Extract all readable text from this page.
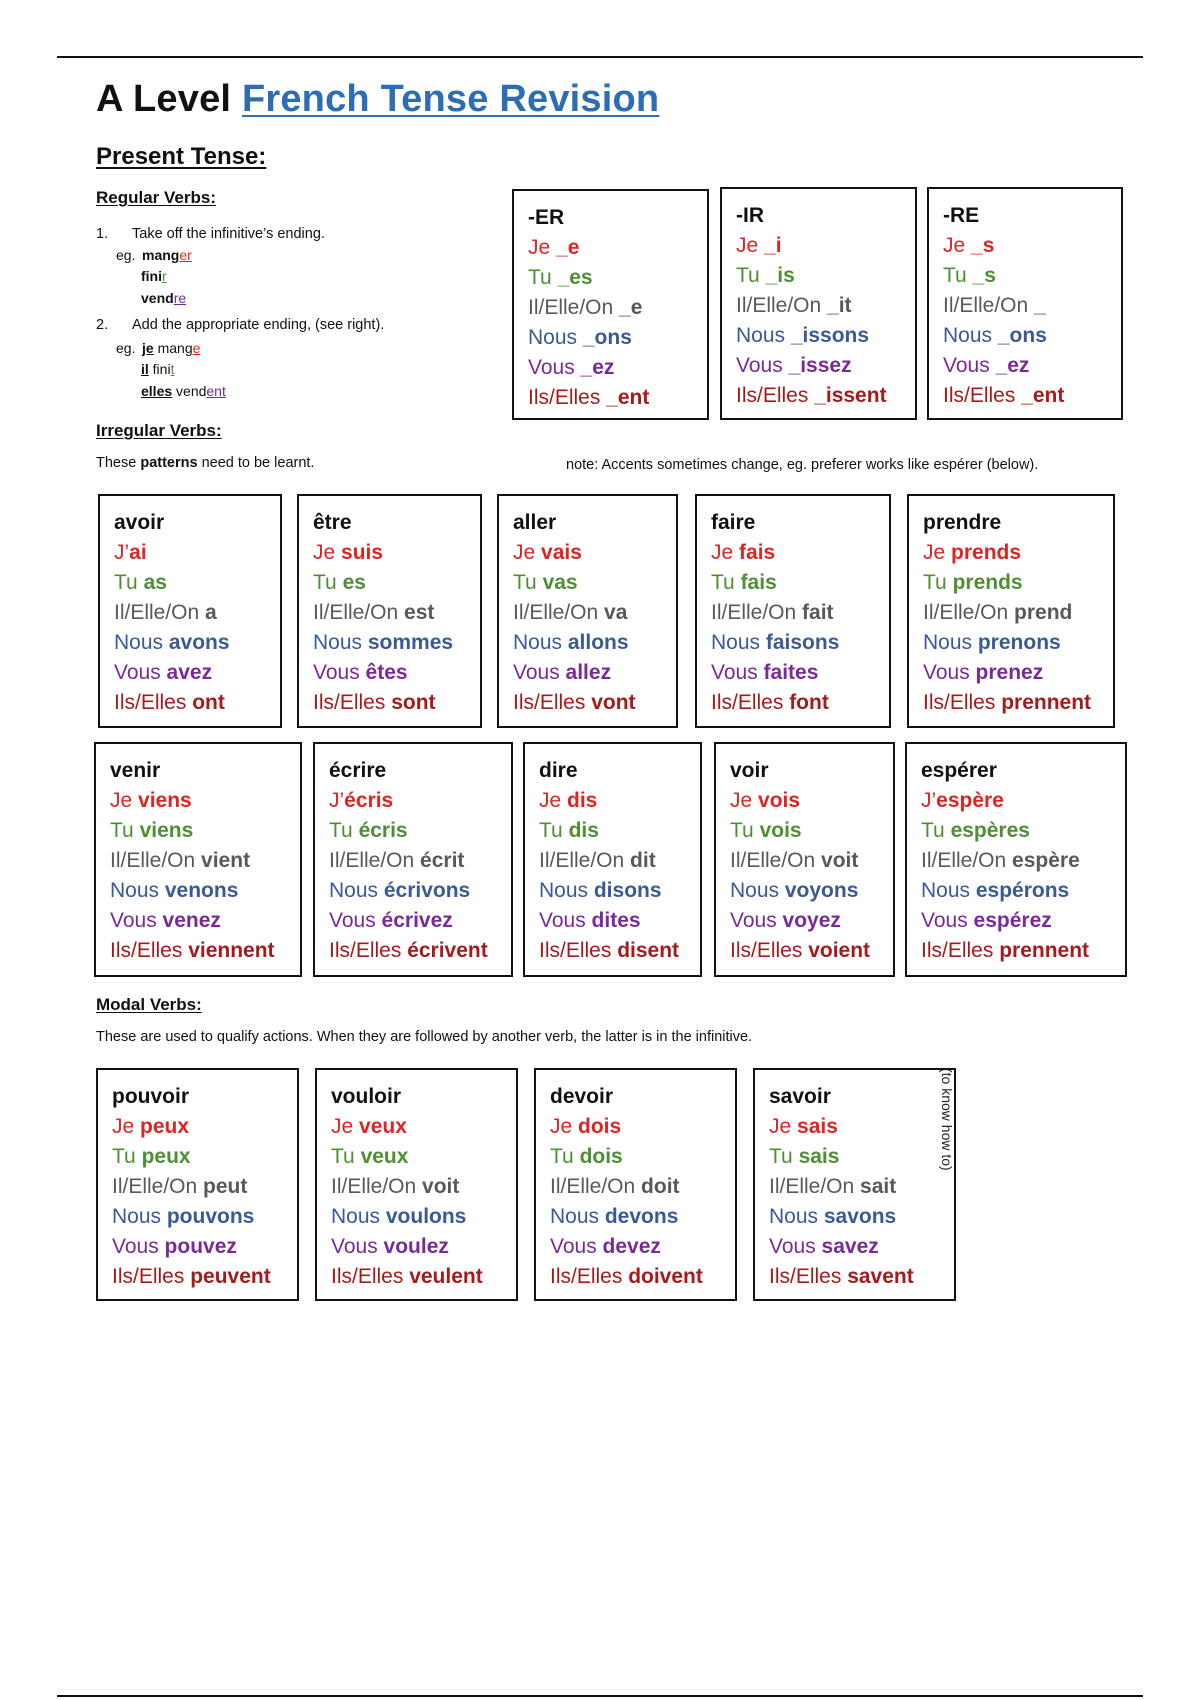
A Level French Tense Revision
Present Tense:
Regular Verbs:
1. Take off the infinitive’s ending.
eg. manger
finir
vendre
2. Add the appropriate ending, (see right).
eg. je mange
il finit
elles vendent
-ER
Je _e
Tu _es
Il/Elle/On _e
Nous _ons
Vous _ez
Ils/Elles _ent
-IR
Je _i
Tu _is
Il/Elle/On _it
Nous _issons
Vous _issez
Ils/Elles _issent
-RE
Je _s
Tu _s
Il/Elle/On _
Nous _ons
Vous _ez
Ils/Elles _ent
Irregular Verbs:
These patterns need to be learnt.	note: Accents sometimes change, eg. preferer works like espérer (below).
avoir
J’ai
Tu as
Il/Elle/On a
Nous avons
Vous avez
Ils/Elles ont
être
Je suis
Tu es
Il/Elle/On est
Nous sommes
Vous êtes
Ils/Elles sont
aller
Je vais
Tu vas
Il/Elle/On va
Nous allons
Vous allez
Ils/Elles vont
faire
Je fais
Tu fais
Il/Elle/On fait
Nous faisons
Vous faites
Ils/Elles font
prendre
Je prends
Tu prends
Il/Elle/On prend
Nous prenons
Vous prenez
Ils/Elles prennent
venir
Je viens
Tu viens
Il/Elle/On vient
Nous venons
Vous venez
Ils/Elles viennent
écrire
J’écris
Tu écris
Il/Elle/On écrit
Nous écrivons
Vous écrivez
Ils/Elles écrivent
dire
Je dis
Tu dis
Il/Elle/On dit
Nous disons
Vous dites
Ils/Elles disent
voir
Je vois
Tu vois
Il/Elle/On voit
Nous voyons
Vous voyez
Ils/Elles voient
espérer
J’espère
Tu espères
Il/Elle/On espère
Nous espérons
Vous espérez
Ils/Elles prennent
Modal Verbs:
These are used to qualify actions. When they are followed by another verb, the latter is in the infinitive.
pouvoir
Je peux
Tu peux
Il/Elle/On peut
Nous pouvons
Vous pouvez
Ils/Elles peuvent
vouloir
Je veux
Tu veux
Il/Elle/On voit
Nous voulons
Vous voulez
Ils/Elles veulent
devoir
Je dois
Tu dois
Il/Elle/On doit
Nous devons
Vous devez
Ils/Elles doivent
savoir
Je sais
Tu sais
Il/Elle/On sait
Nous savons
Vous savez
Ils/Elles savent
(to know how to)
